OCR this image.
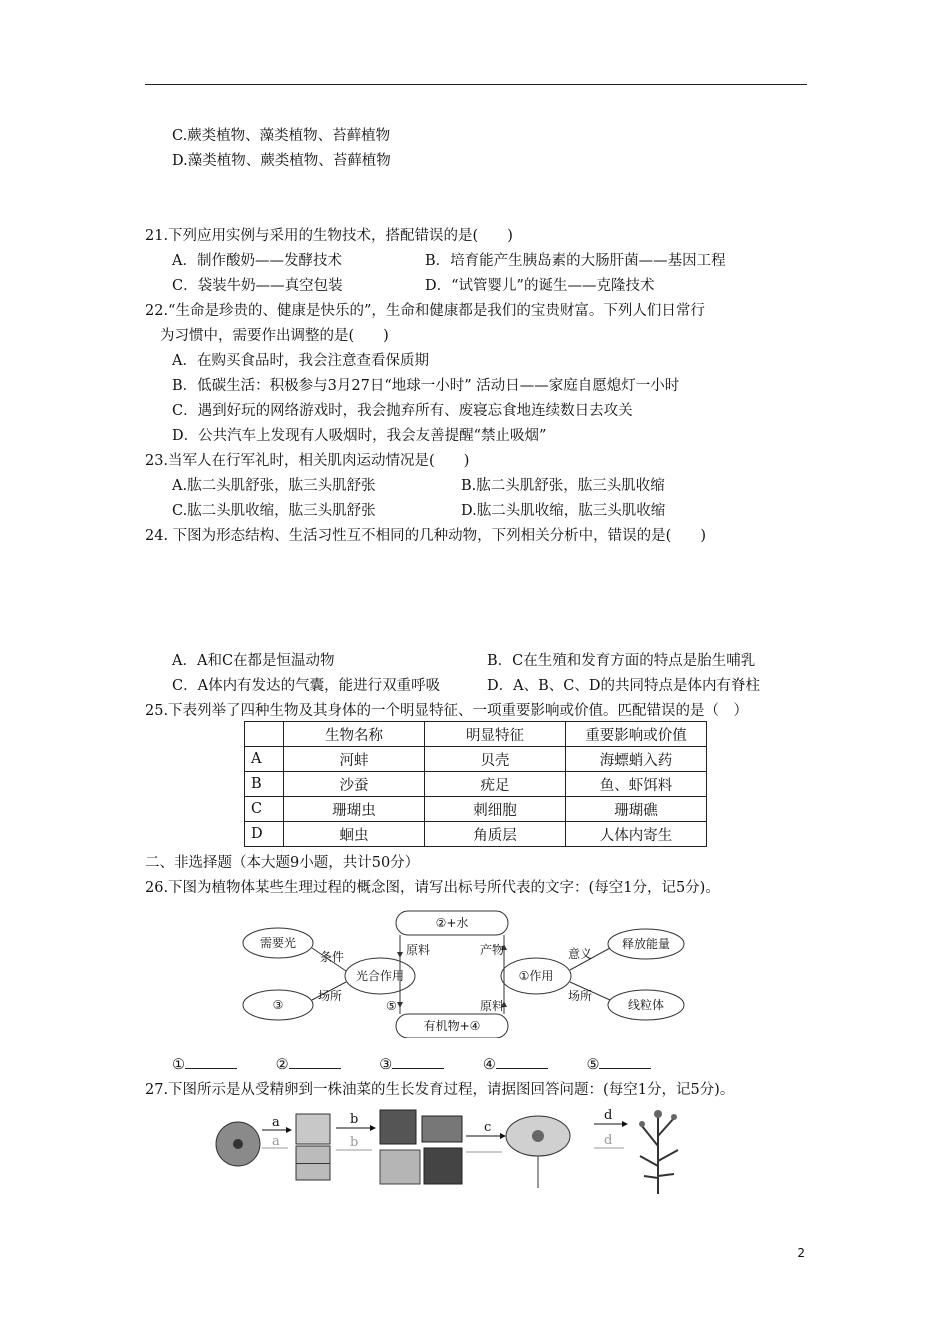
C.蕨类植物、藻类植物、苔藓植物
D.藻类植物、蕨类植物、苔藓植物
21.下列应用实例与采用的生物技术，搭配错误的是(　　)
A．制作酸奶——发酵技术	B．培育能产生胰岛素的大肠肝菌——基因工程
C．袋装牛奶——真空包装	D．“试管婴儿”的诞生——克隆技术
22.“生命是珍贵的、健康是快乐的”，生命和健康都是我们的宝贵财富。下列人们日常行
为习惯中，需要作出调整的是(　　)
A．在购买食品时，我会注意查看保质期
B．低碳生活：积极参与3月27日“地球一小时” 活动日——家庭自愿熄灯一小时
C．遇到好玩的网络游戏时，我会抛弃所有、废寝忘食地连续数日去攻关
D．公共汽车上发现有人吸烟时，我会友善提醒“禁止吸烟”
23.当军人在行军礼时，相关肌肉运动情况是(　　)
A.肱二头肌舒张，肱三头肌舒张	B.肱二头肌舒张，肱三头肌收缩
C.肱二头肌收缩，肱三头肌舒张	D.肱二头肌收缩，肱三头肌收缩
24. 下图为形态结构、生活习性互不相同的几种动物，下列相关分析中，错误的是(　　)
A．A和C在都是恒温动物	B．C在生殖和发育方面的特点是胎生哺乳
C．A体内有发达的气囊，能进行双重呼吸	D．A、B、C、D的共同特点是体内有脊柱
25.下表列举了四种生物及其身体的一个明显特征、一项重要影响或价值。匹配错误的是（　）
	生物名称	明显特征	重要影响或价值
A	河蚌	贝壳	海螵蛸入药
B	沙蚕	疣足	鱼、虾饵料
C	珊瑚虫	刺细胞	珊瑚礁
D	蛔虫	角质层	人体内寄生
二、非选择题（本大题9小题，共计50分）
26.下图为植物体某些生理过程的概念图，请写出标号所代表的文字：(每空1分，记5分)。
需要光
条件
光合作用
场所
③	⑤
②+水
原料	产物
有机物+④
原料
①作用
意义
释放能量
场所
线粒体
①	②	③	④	⑤
27.下图所示是从受精卵到一株油菜的生长发育过程，请据图回答问题：(每空1分，记5分)。
a
a
b
b
c
d
d
2
